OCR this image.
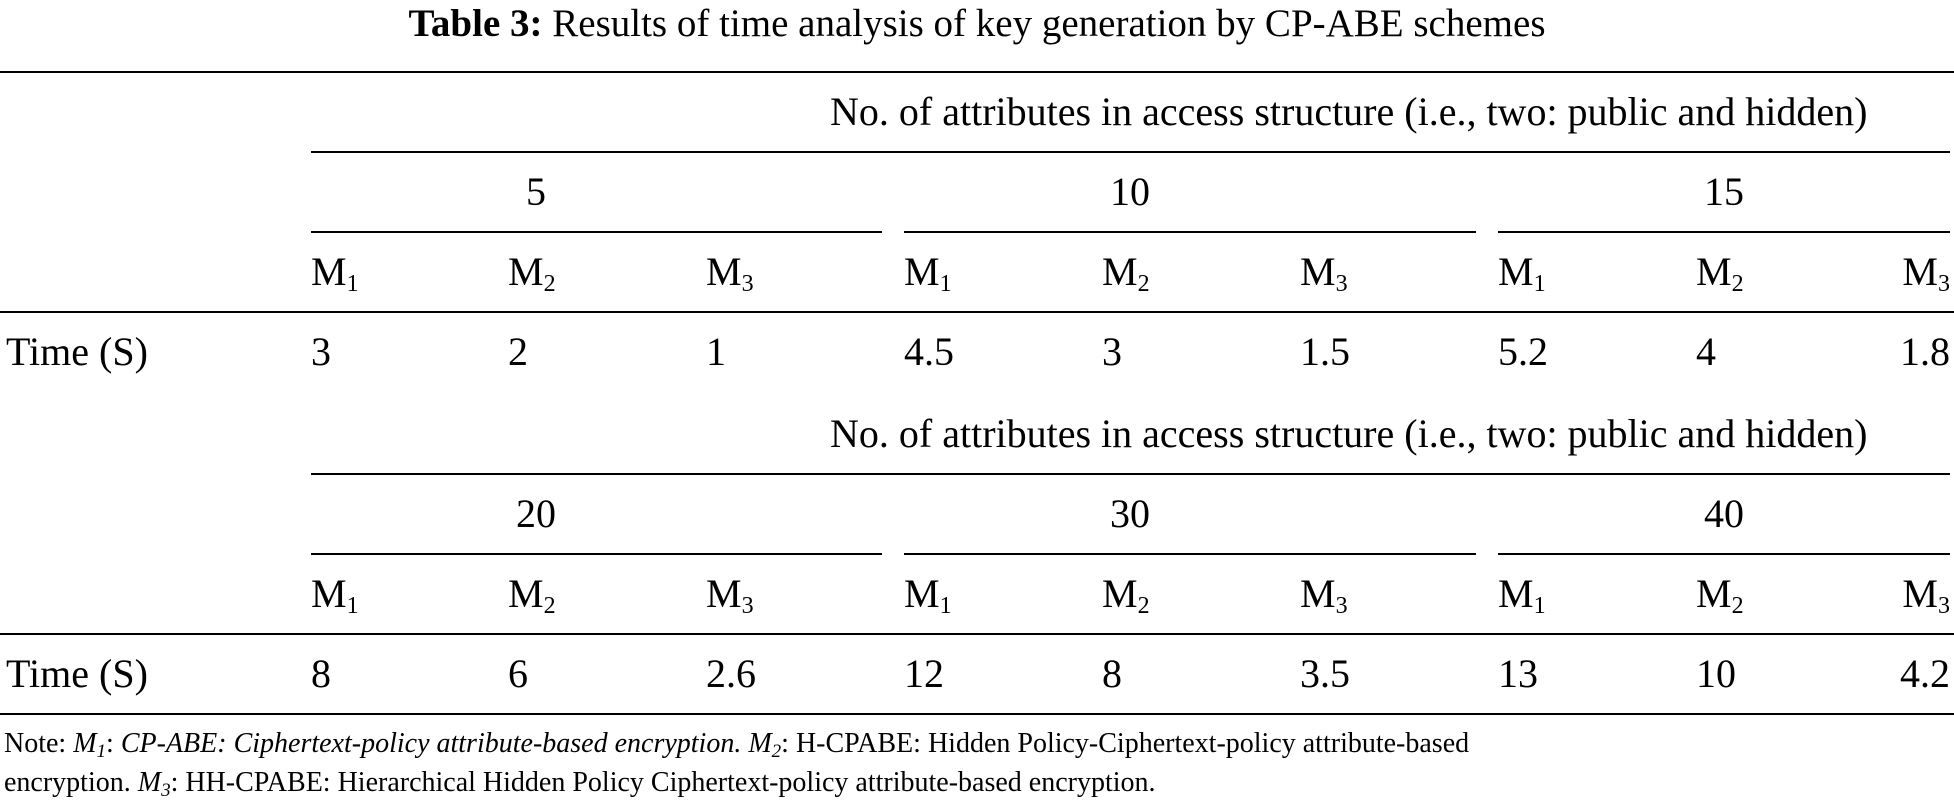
Table 3: Results of time analysis of key generation by CP-ABE schemes
No. of attributes in access structure (i.e., two: public and hidden)
5	10	15
$M_1$	$M_2$	$M_3$	$M_1$	$M_2$	$M_3$	$M_1$	$M_2$	$M_3$
Time (S)	3	2	1	4.5	3	1.5	5.2	4	1.8
No. of attributes in access structure (i.e., two: public and hidden)
20	30	40
$M_1$	$M_2$	$M_3$	$M_1$	$M_2$	$M_3$	$M_1$	$M_2$	$M_3$
Time (S)	8	6	2.6	12	8	3.5	13	10	4.2
Note: $M_1$: CP-ABE: Ciphertext-policy attribute-based encryption. $M_2$: H-CPABE: Hidden Policy-Ciphertext-policy attribute-based
encryption. $M_3$: HH-CPABE: Hierarchical Hidden Policy Ciphertext-policy attribute-based encryption.
